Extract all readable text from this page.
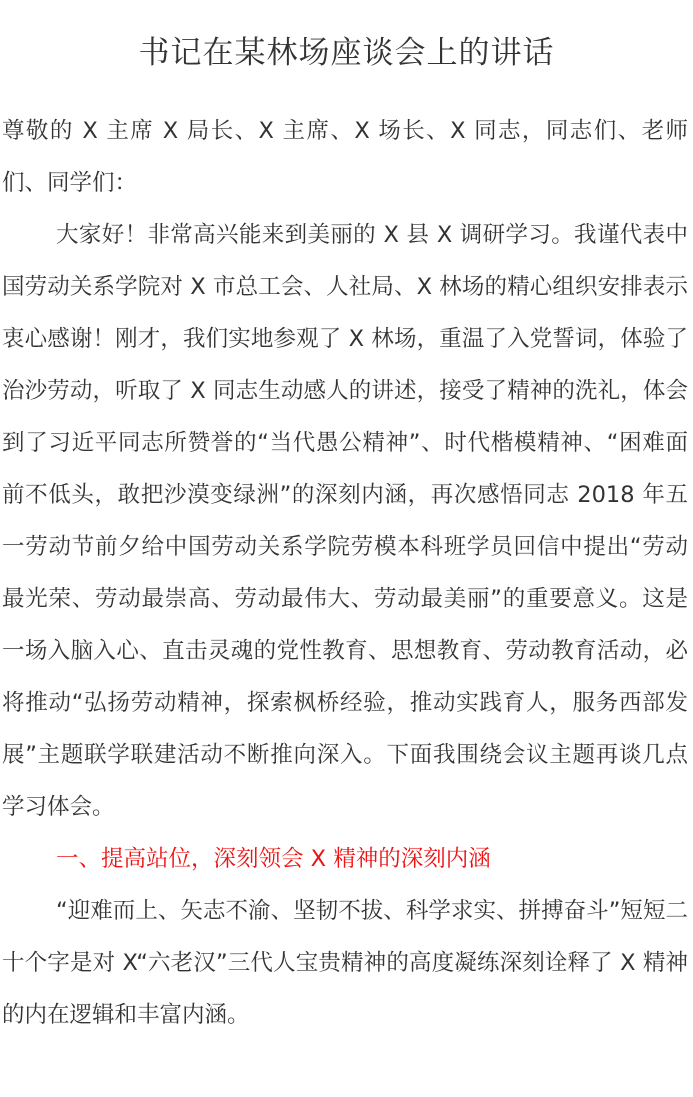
书记在某林场座谈会上的讲话

尊敬的 X 主席 X 局长、X 主席、X 场长、X 同志，同志们、老师们、同学们：

大家好！非常高兴能来到美丽的 X 县 X 调研学习。我谨代表中国劳动关系学院对 X 市总工会、人社局、X 林场的精心组织安排表示衷心感谢！刚才，我们实地参观了 X 林场，重温了入党誓词，体验了治沙劳动，听取了 X 同志生动感人的讲述，接受了精神的洗礼，体会到了习近平同志所赞誉的“当代愚公精神”、时代楷模精神、“困难面前不低头，敢把沙漠变绿洲”的深刻内涵，再次感悟同志 2018 年五一劳动节前夕给中国劳动关系学院劳模本科班学员回信中提出“劳动最光荣、劳动最崇高、劳动最伟大、劳动最美丽”的重要意义。这是一场入脑入心、直击灵魂的党性教育、思想教育、劳动教育活动，必将推动“弘扬劳动精神，探索枫桥经验，推动实践育人，服务西部发展”主题联学联建活动不断推向深入。下面我围绕会议主题再谈几点学习体会。

一、提高站位，深刻领会 X 精神的深刻内涵

“迎难而上、矢志不渝、坚韧不拔、科学求实、拼搏奋斗”短短二十个字是对 X“六老汉”三代人宝贵精神的高度凝练深刻诠释了 X 精神的内在逻辑和丰富内涵。
